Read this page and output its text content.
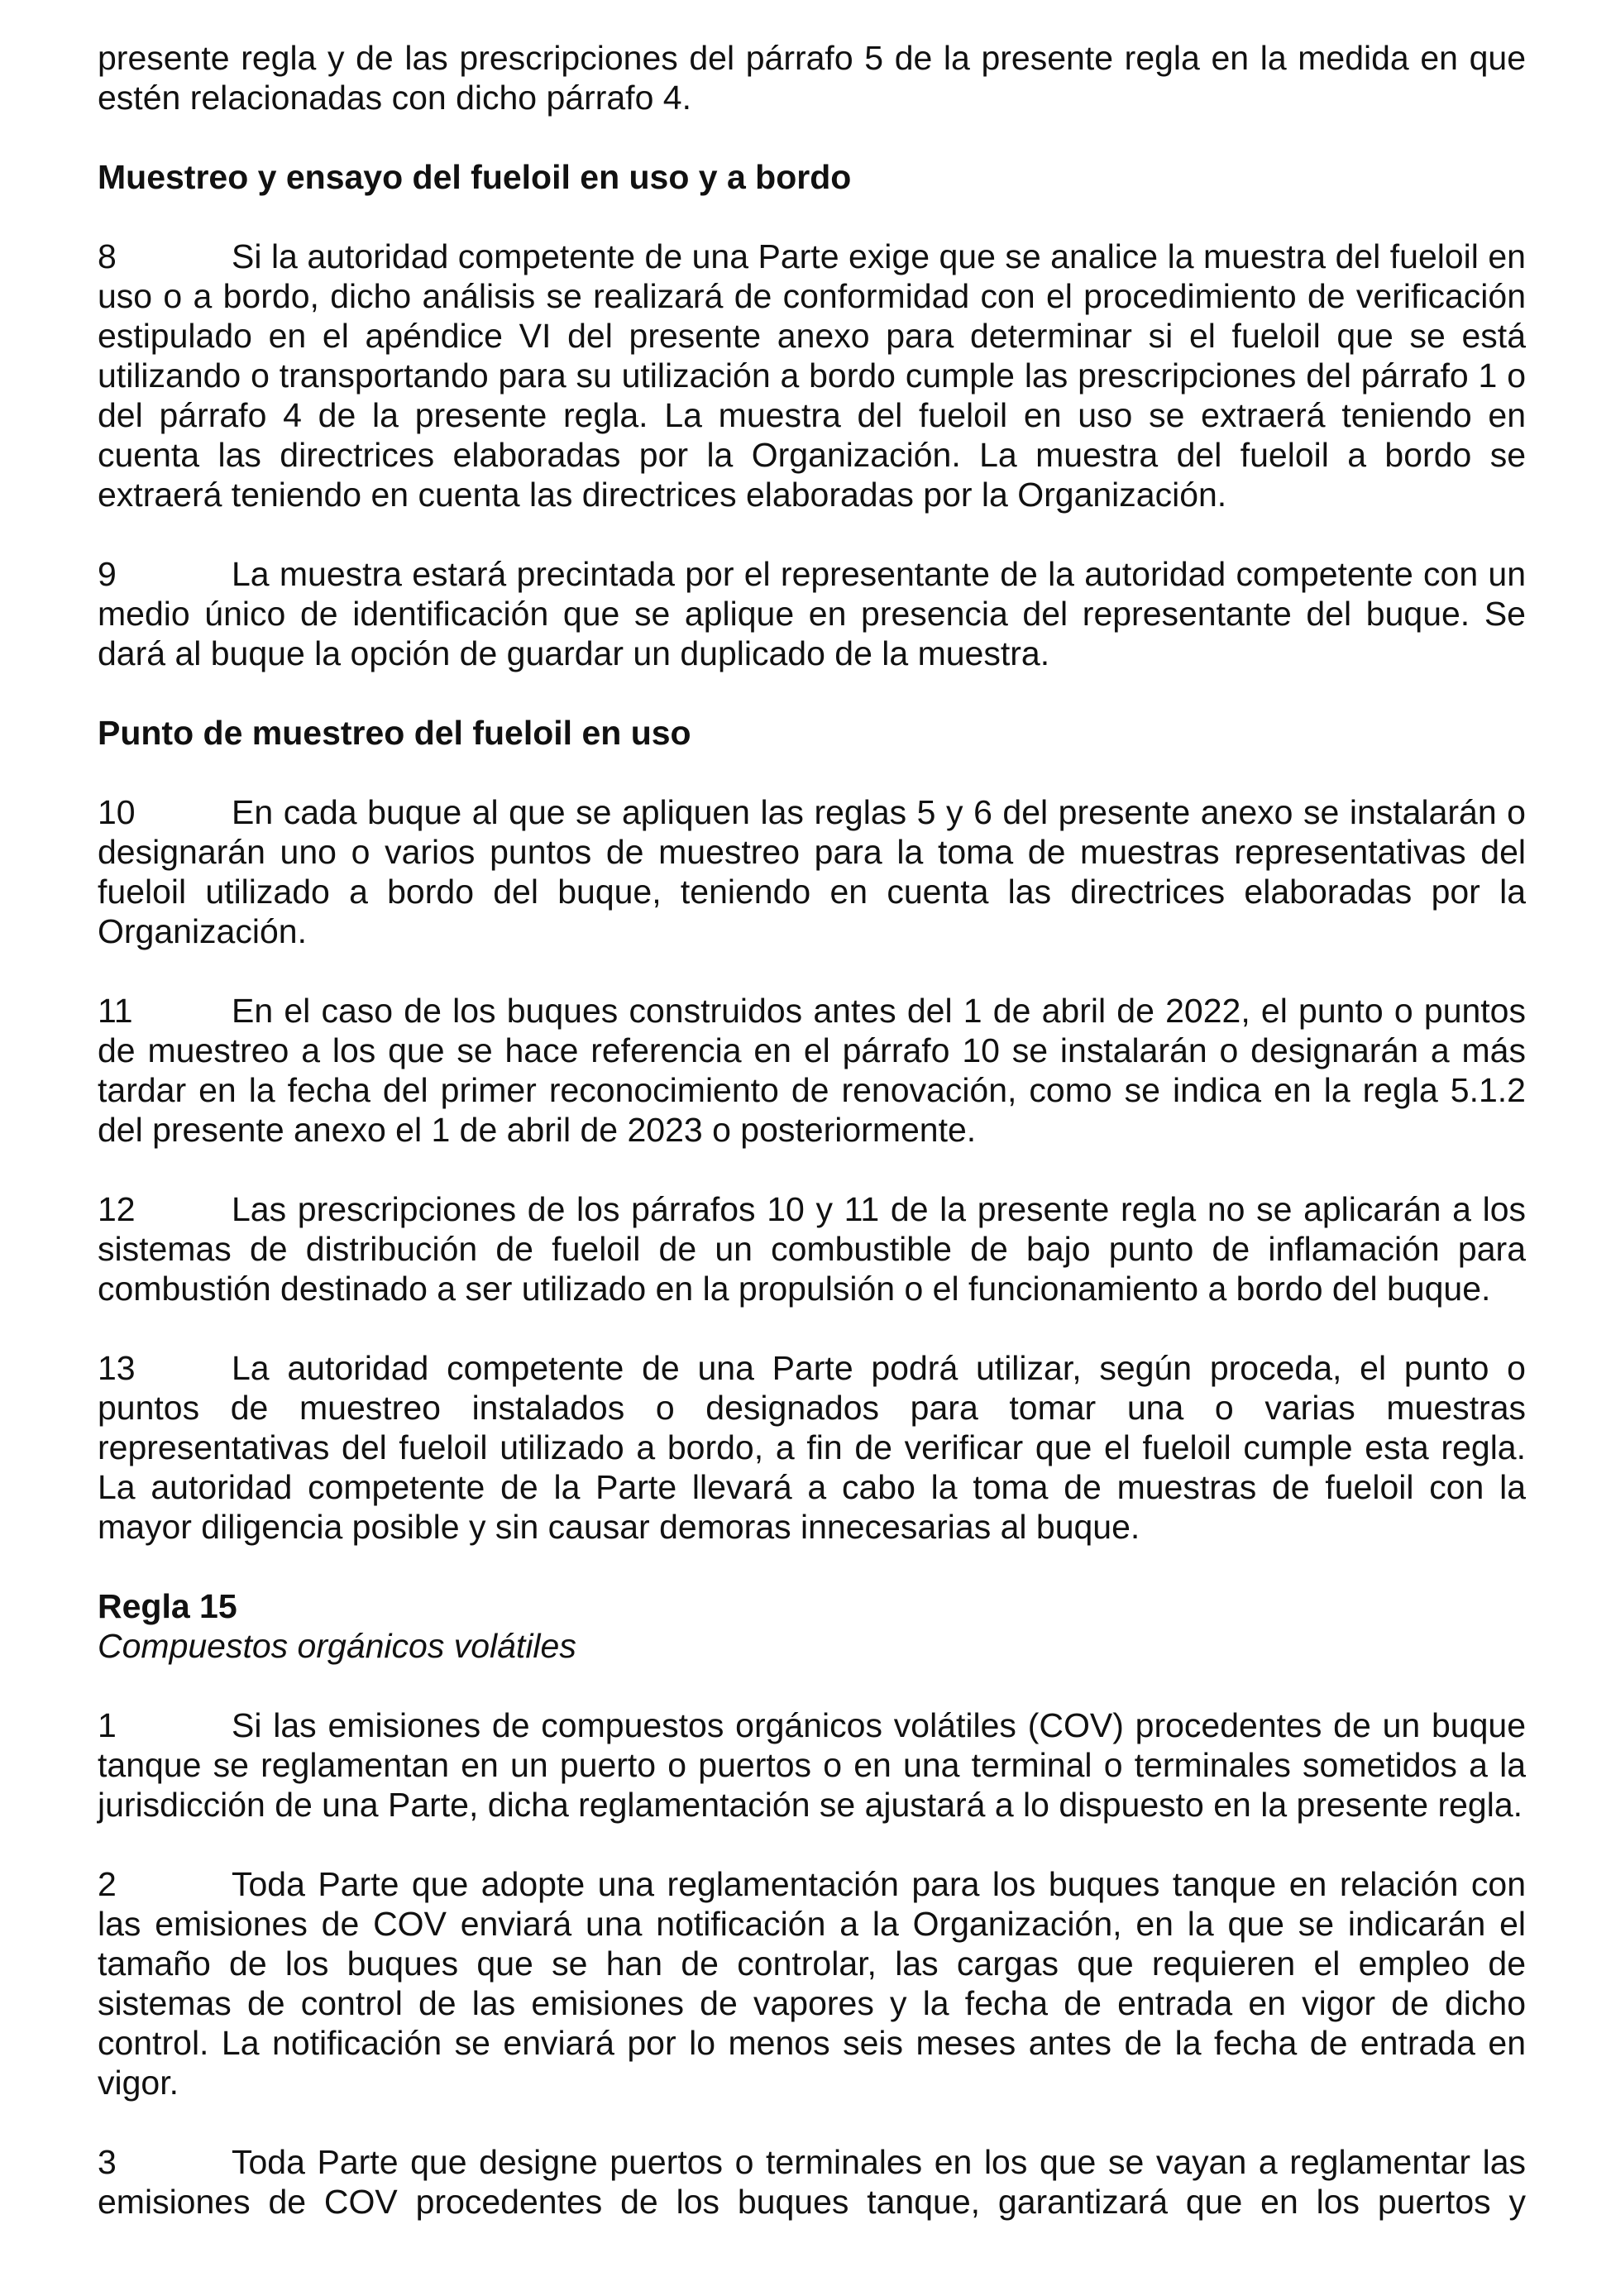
presente regla y de las prescripciones del párrafo 5 de la presente regla en la medida en que estén relacionadas con dicho párrafo 4.

Muestreo y ensayo del fueloil en uso y a bordo

8	Si la autoridad competente de una Parte exige que se analice la muestra del fueloil en uso o a bordo, dicho análisis se realizará de conformidad con el procedimiento de verificación estipulado en el apéndice VI del presente anexo para determinar si el fueloil que se está utilizando o transportando para su utilización a bordo cumple las prescripciones del párrafo 1 o del párrafo 4 de la presente regla. La muestra del fueloil en uso se extraerá teniendo en cuenta las directrices elaboradas por la Organización. La muestra del fueloil a bordo se extraerá teniendo en cuenta las directrices elaboradas por la Organización.

9	La muestra estará precintada por el representante de la autoridad competente con un medio único de identificación que se aplique en presencia del representante del buque. Se dará al buque la opción de guardar un duplicado de la muestra.

Punto de muestreo del fueloil en uso

10	En cada buque al que se apliquen las reglas 5 y 6 del presente anexo se instalarán o designarán uno o varios puntos de muestreo para la toma de muestras representativas del fueloil utilizado a bordo del buque, teniendo en cuenta las directrices elaboradas por la Organización.

11	En el caso de los buques construidos antes del 1 de abril de 2022, el punto o puntos de muestreo a los que se hace referencia en el párrafo 10 se instalarán o designarán a más tardar en la fecha del primer reconocimiento de renovación, como se indica en la regla 5.1.2 del presente anexo el 1 de abril de 2023 o posteriormente.

12	Las prescripciones de los párrafos 10 y 11 de la presente regla no se aplicarán a los sistemas de distribución de fueloil de un combustible de bajo punto de inflamación para combustión destinado a ser utilizado en la propulsión o el funcionamiento a bordo del buque.

13	La autoridad competente de una Parte podrá utilizar, según proceda, el punto o puntos de muestreo instalados o designados para tomar una o varias muestras representativas del fueloil utilizado a bordo, a fin de verificar que el fueloil cumple esta regla. La autoridad competente de la Parte llevará a cabo la toma de muestras de fueloil con la mayor diligencia posible y sin causar demoras innecesarias al buque.

Regla 15
Compuestos orgánicos volátiles

1	Si las emisiones de compuestos orgánicos volátiles (COV) procedentes de un buque tanque se reglamentan en un puerto o puertos o en una terminal o terminales sometidos a la jurisdicción de una Parte, dicha reglamentación se ajustará a lo dispuesto en la presente regla.

2	Toda Parte que adopte una reglamentación para los buques tanque en relación con las emisiones de COV enviará una notificación a la Organización, en la que se indicarán el tamaño de los buques que se han de controlar, las cargas que requieren el empleo de sistemas de control de las emisiones de vapores y la fecha de entrada en vigor de dicho control. La notificación se enviará por lo menos seis meses antes de la fecha de entrada en vigor.

3	Toda Parte que designe puertos o terminales en los que se vayan a reglamentar las emisiones de COV procedentes de los buques tanque, garantizará que en los puertos y
